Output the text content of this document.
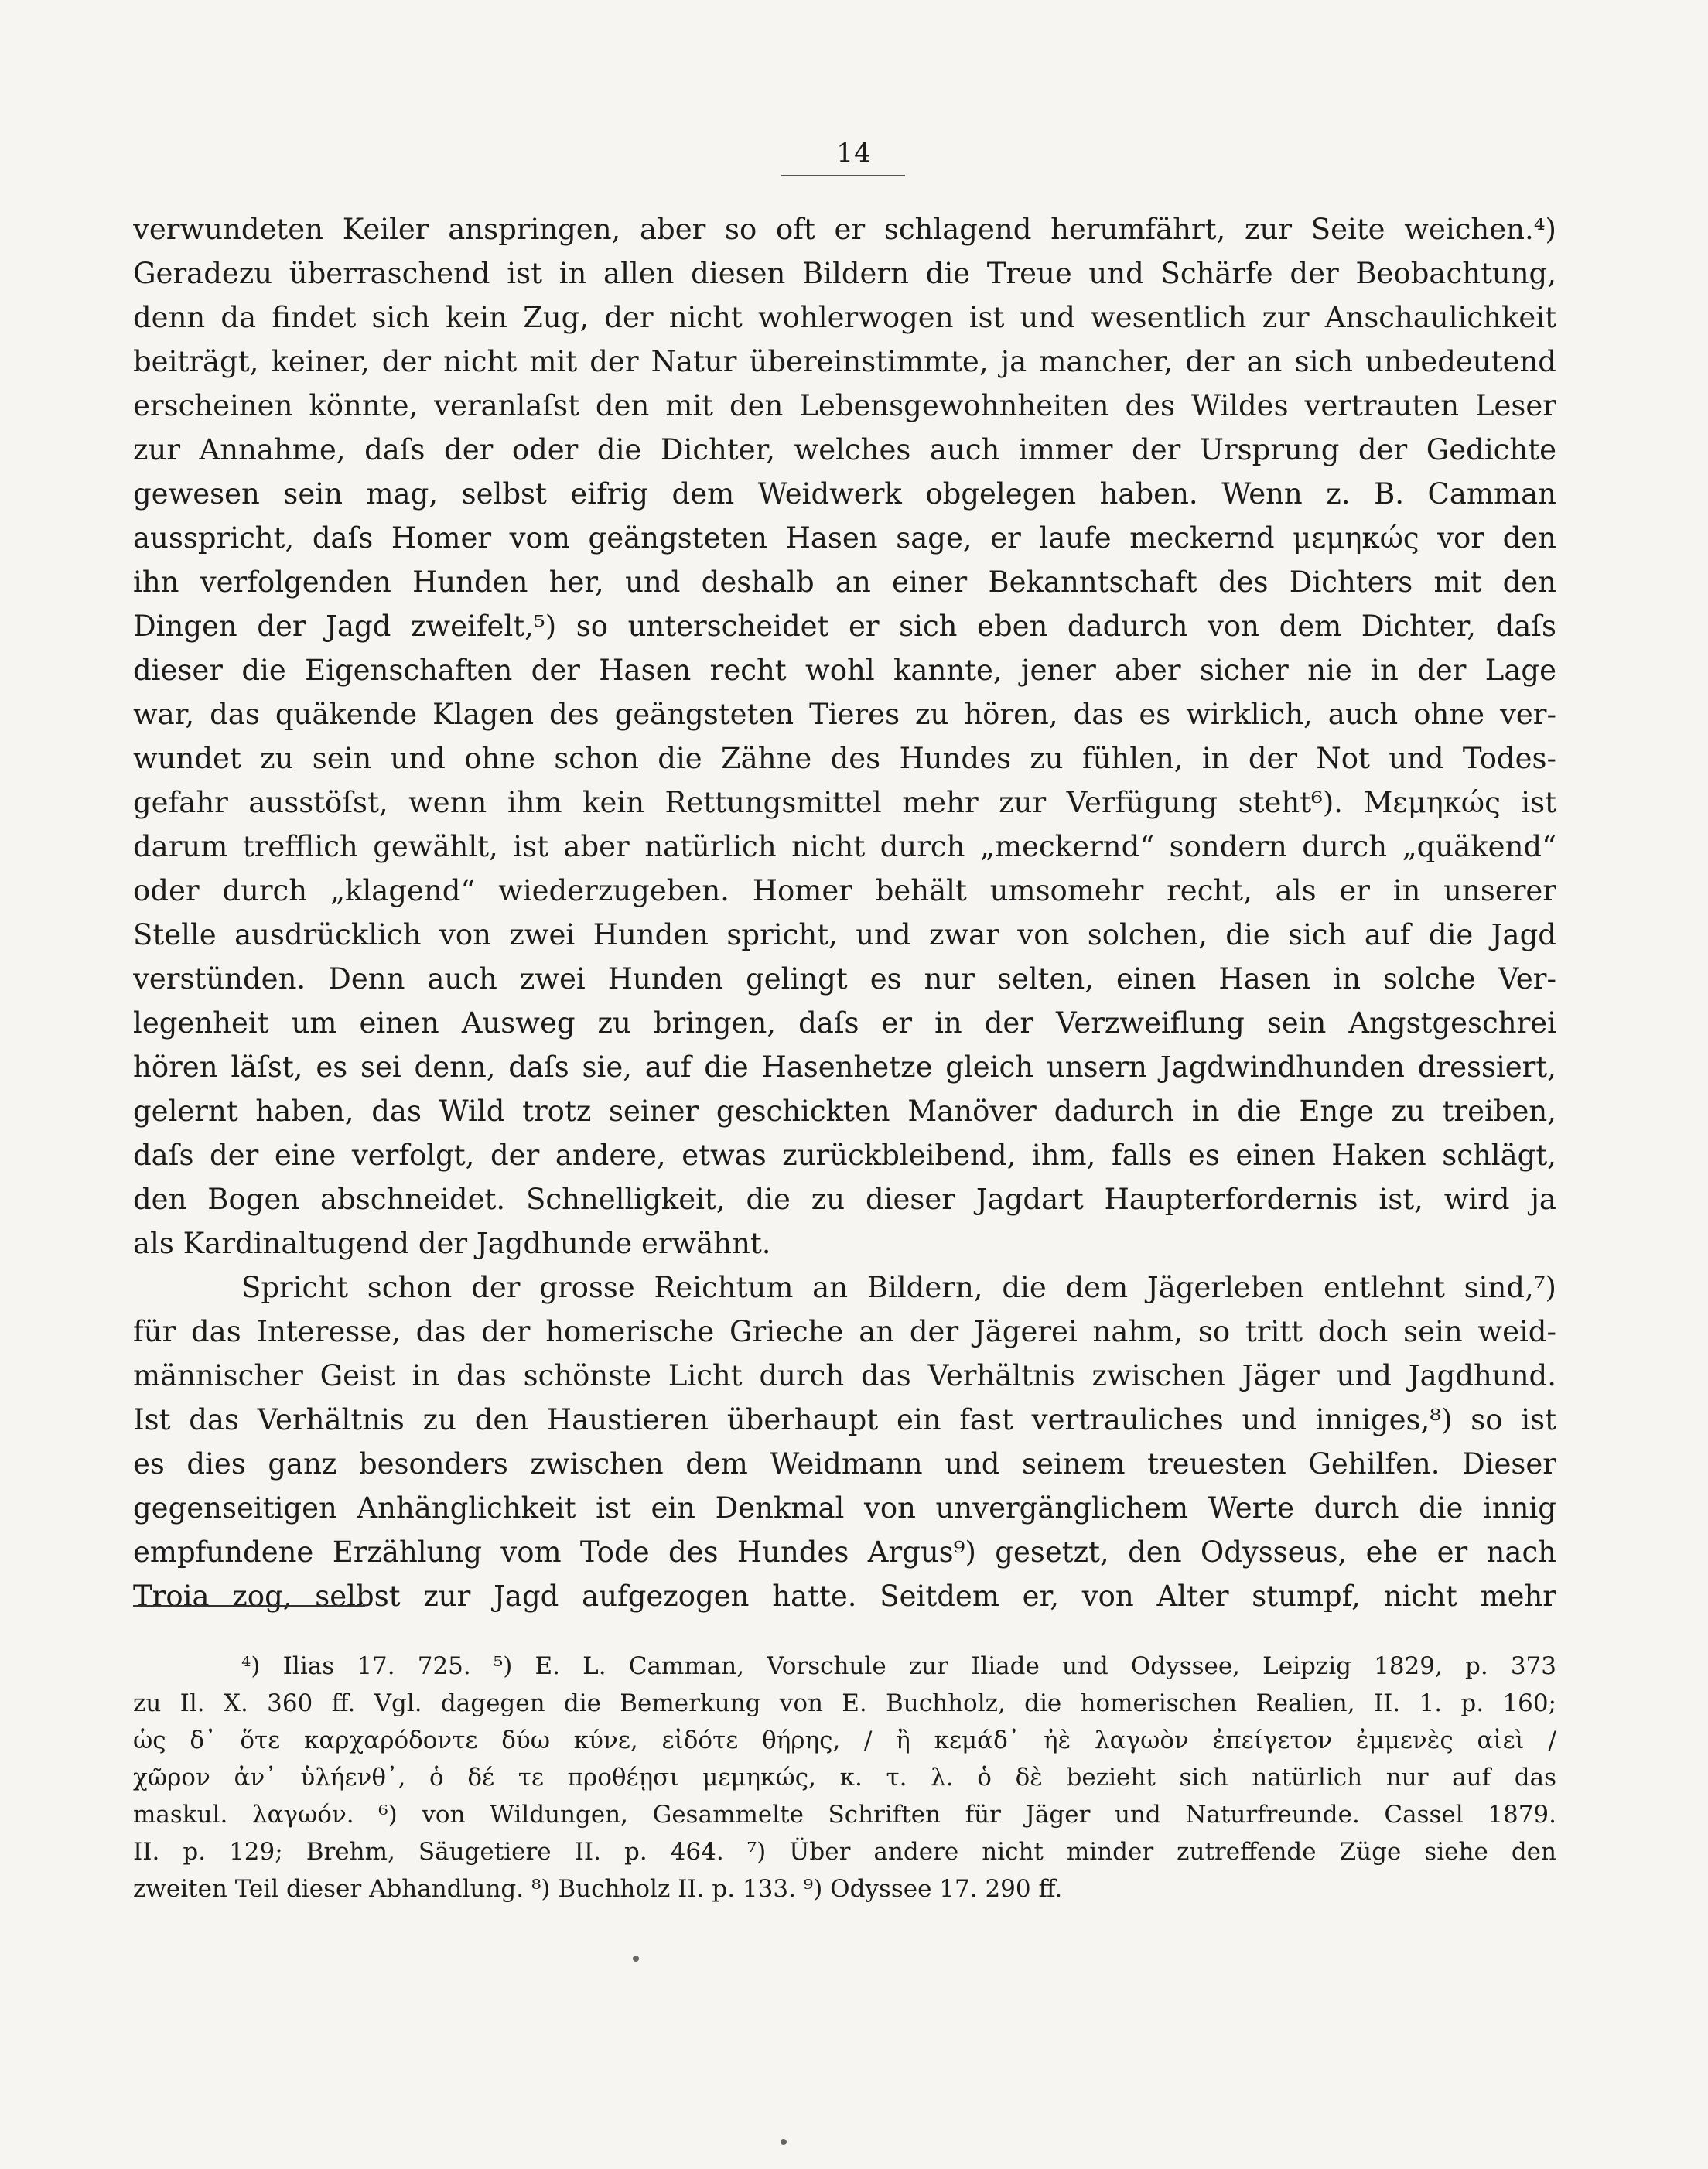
14
verwundeten Keiler anspringen, aber so oft er schlagend herumfährt, zur Seite weichen.⁴)
Geradezu überraschend ist in allen diesen Bildern die Treue und Schärfe der Beobachtung,
denn da findet sich kein Zug, der nicht wohlerwogen ist und wesentlich zur Anschaulichkeit
beiträgt, keiner, der nicht mit der Natur übereinstimmte, ja mancher, der an sich unbedeutend
erscheinen könnte, veranlaſst den mit den Lebensgewohnheiten des Wildes vertrauten Leser
zur Annahme, daſs der oder die Dichter, welches auch immer der Ursprung der Gedichte
gewesen sein mag, selbst eifrig dem Weidwerk obgelegen haben. Wenn z. B. Camman
ausspricht, daſs Homer vom geängsteten Hasen sage, er laufe meckernd μεμηκώς vor den
ihn verfolgenden Hunden her, und deshalb an einer Bekanntschaft des Dichters mit den
Dingen der Jagd zweifelt,⁵) so unterscheidet er sich eben dadurch von dem Dichter, daſs
dieser die Eigenschaften der Hasen recht wohl kannte, jener aber sicher nie in der Lage
war, das quäkende Klagen des geängsteten Tieres zu hören, das es wirklich, auch ohne ver-
wundet zu sein und ohne schon die Zähne des Hundes zu fühlen, in der Not und Todes-
gefahr ausstöſst, wenn ihm kein Rettungsmittel mehr zur Verfügung steht⁶). Μεμηκώς ist
darum trefflich gewählt, ist aber natürlich nicht durch „meckernd“ sondern durch „quäkend“
oder durch „klagend“ wiederzugeben. Homer behält umsomehr recht, als er in unserer
Stelle ausdrücklich von zwei Hunden spricht, und zwar von solchen, die sich auf die Jagd
verstünden. Denn auch zwei Hunden gelingt es nur selten, einen Hasen in solche Ver-
legenheit um einen Ausweg zu bringen, daſs er in der Verzweiflung sein Angstgeschrei
hören läſst, es sei denn, daſs sie, auf die Hasenhetze gleich unsern Jagdwindhunden dressiert,
gelernt haben, das Wild trotz seiner geschickten Manöver dadurch in die Enge zu treiben,
daſs der eine verfolgt, der andere, etwas zurückbleibend, ihm, falls es einen Haken schlägt,
den Bogen abschneidet. Schnelligkeit, die zu dieser Jagdart Haupterfordernis ist, wird ja
als Kardinaltugend der Jagdhunde erwähnt.
Spricht schon der grosse Reichtum an Bildern, die dem Jägerleben entlehnt sind,⁷)
für das Interesse, das der homerische Grieche an der Jägerei nahm, so tritt doch sein weid-
männischer Geist in das schönste Licht durch das Verhältnis zwischen Jäger und Jagdhund.
Ist das Verhältnis zu den Haustieren überhaupt ein fast vertrauliches und inniges,⁸) so ist
es dies ganz besonders zwischen dem Weidmann und seinem treuesten Gehilfen. Dieser
gegenseitigen Anhänglichkeit ist ein Denkmal von unvergänglichem Werte durch die innig
empfundene Erzählung vom Tode des Hundes Argus⁹) gesetzt, den Odysseus, ehe er nach
Troia zog, selbst zur Jagd aufgezogen hatte. Seitdem er, von Alter stumpf, nicht mehr
⁴) Ilias 17. 725. ⁵) E. L. Camman, Vorschule zur Iliade und Odyssee, Leipzig 1829, p. 373
zu Il. X. 360 ff. Vgl. dagegen die Bemerkung von E. Buchholz, die homerischen Realien, II. 1. p. 160;
ὡς δ᾽ ὅτε καρχαρόδοντε δύω κύνε, εἰδότε θήρης, / ἢ κεμάδ᾽ ἠὲ λαγωὸν ἐπείγετον ἐμμενὲς αἰεὶ /
χῶρον ἀν᾽ ὑλήενθ᾽, ὁ δέ τε προθέῃσι μεμηκώς, κ. τ. λ. ὁ δὲ bezieht sich natürlich nur auf das
maskul. λαγωόν. ⁶) von Wildungen, Gesammelte Schriften für Jäger und Naturfreunde. Cassel 1879.
II. p. 129; Brehm, Säugetiere II. p. 464. ⁷) Über andere nicht minder zutreffende Züge siehe den
zweiten Teil dieser Abhandlung. ⁸) Buchholz II. p. 133. ⁹) Odyssee 17. 290 ff.
